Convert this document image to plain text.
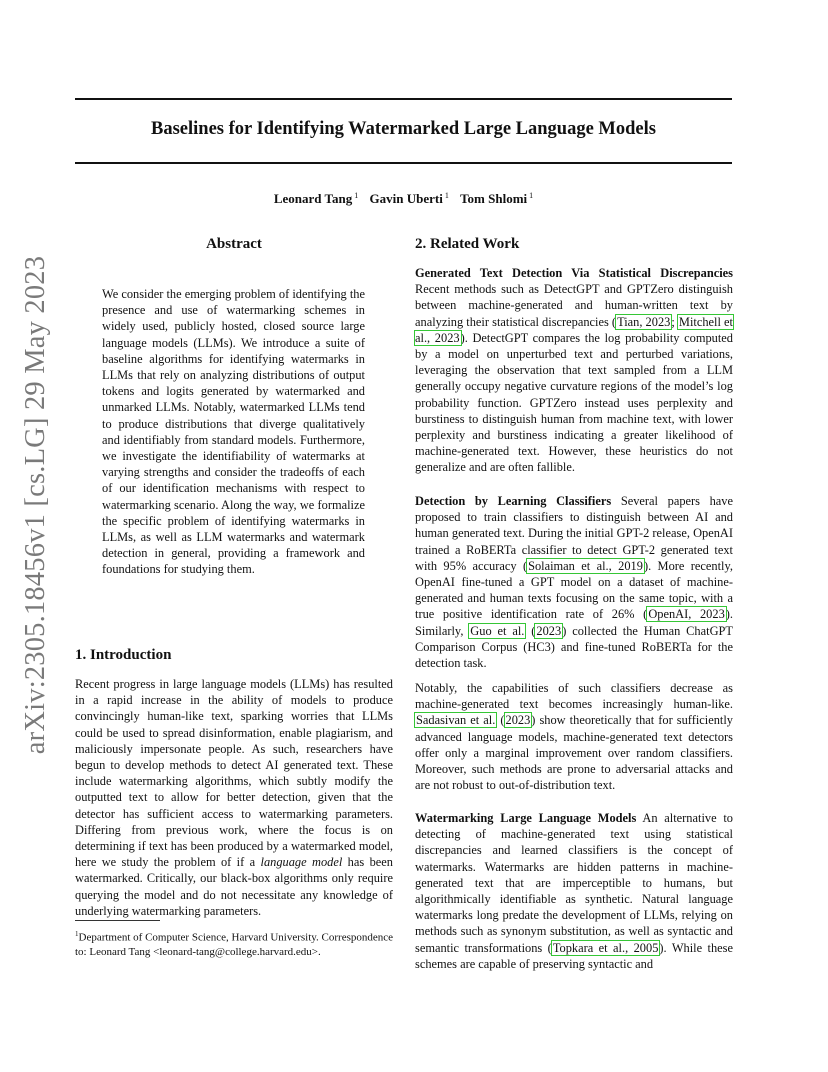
arXiv:2305.18456v1 [cs.LG] 29 May 2023
Baselines for Identifying Watermarked Large Language Models
Leonard Tang $^1$ Gavin Uberti $^1$ Tom Shlomi $^1$
Abstract

We consider the emerging problem of identifying the presence and use of watermarking schemes in widely used, publicly hosted, closed source large language models (LLMs). We introduce a suite of baseline algorithms for identifying watermarks in LLMs that rely on analyzing distributions of output tokens and logits generated by watermarked and unmarked LLMs. Notably, watermarked LLMs tend to produce distributions that diverge qualitatively and identifiably from standard models. Furthermore, we investigate the identifiability of watermarks at varying strengths and consider the tradeoffs of each of our identification mechanisms with respect to watermarking scenario. Along the way, we formalize the specific problem of identifying watermarks in LLMs, as well as LLM watermarks and watermark detection in general, providing a framework and foundations for studying them.

1. Introduction

Recent progress in large language models (LLMs) has resulted in a rapid increase in the ability of models to produce convincingly human-like text, sparking worries that LLMs could be used to spread disinformation, enable plagiarism, and maliciously impersonate people. As such, researchers have begun to develop methods to detect AI generated text. These include watermarking algorithms, which subtly modify the outputted text to allow for better detection, given that the detector has sufficient access to watermarking parameters. Differing from previous work, where the focus is on determining if text has been produced by a watermarked model, here we study the problem of if a language model has been watermarked. Critically, our black-box algorithms only require querying the model and do not necessitate any knowledge of underlying watermarking parameters.

$^1$Department of Computer Science, Harvard University. Correspondence to: Leonard Tang <leonard-tang@college.harvard.edu>.

2. Related Work

Generated Text Detection Via Statistical Discrepancies Recent methods such as DetectGPT and GPTZero distinguish between machine-generated and human-written text by analyzing their statistical discrepancies (Tian, 2023; Mitchell et al., 2023). DetectGPT compares the log probability computed by a model on unperturbed text and perturbed variations, leveraging the observation that text sampled from a LLM generally occupy negative curvature regions of the model’s log probability function. GPTZero instead uses perplexity and burstiness to distinguish human from machine text, with lower perplexity and burstiness indicating a greater likelihood of machine-generated text. However, these heuristics do not generalize and are often fallible.

Detection by Learning Classifiers Several papers have proposed to train classifiers to distinguish between AI and human generated text. During the initial GPT-2 release, OpenAI trained a RoBERTa classifier to detect GPT-2 generated text with 95% accuracy (Solaiman et al., 2019). More recently, OpenAI fine-tuned a GPT model on a dataset of machine-generated and human texts focusing on the same topic, with a true positive identification rate of 26% (OpenAI, 2023). Similarly, Guo et al. (2023) collected the Human ChatGPT Comparison Corpus (HC3) and fine-tuned RoBERTa for the detection task.

Notably, the capabilities of such classifiers decrease as machine-generated text becomes increasingly human-like. Sadasivan et al. (2023) show theoretically that for sufficiently advanced language models, machine-generated text detectors offer only a marginal improvement over random classifiers. Moreover, such methods are prone to adversarial attacks and are not robust to out-of-distribution text.

Watermarking Large Language Models An alternative to detecting of machine-generated text using statistical discrepancies and learned classifiers is the concept of watermarks. Watermarks are hidden patterns in machine-generated text that are imperceptible to humans, but algorithmically identifiable as synthetic. Natural language watermarks long predate the development of LLMs, relying on methods such as synonym substitution, as well as syntactic and semantic transformations (Topkara et al., 2005). While these schemes are capable of preserving syntactic and
